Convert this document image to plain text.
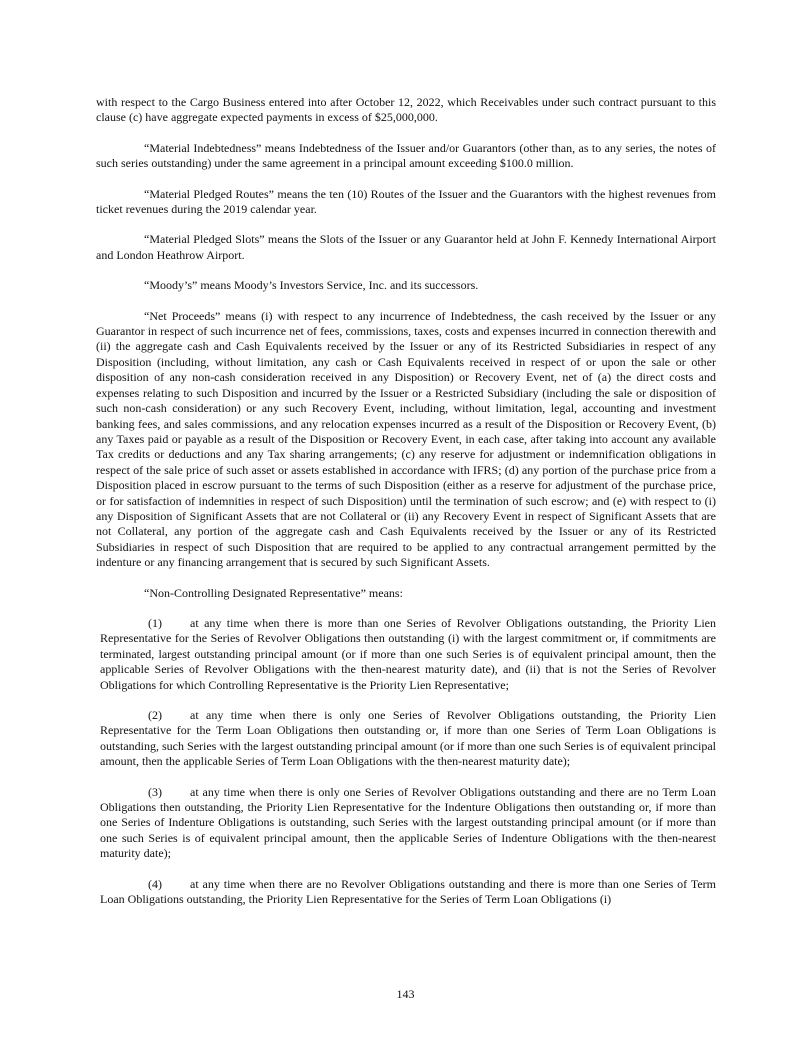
with respect to the Cargo Business entered into after October 12, 2022, which Receivables under such contract pursuant to this clause (c) have aggregate expected payments in excess of $25,000,000.

“Material Indebtedness” means Indebtedness of the Issuer and/or Guarantors (other than, as to any series, the notes of such series outstanding) under the same agreement in a principal amount exceeding $100.0 million.

“Material Pledged Routes” means the ten (10) Routes of the Issuer and the Guarantors with the highest revenues from ticket revenues during the 2019 calendar year.

“Material Pledged Slots” means the Slots of the Issuer or any Guarantor held at John F. Kennedy International Airport and London Heathrow Airport.

“Moody’s” means Moody’s Investors Service, Inc. and its successors.

“Net Proceeds” means (i) with respect to any incurrence of Indebtedness, the cash received by the Issuer or any Guarantor in respect of such incurrence net of fees, commissions, taxes, costs and expenses incurred in connection therewith and (ii) the aggregate cash and Cash Equivalents received by the Issuer or any of its Restricted Subsidiaries in respect of any Disposition (including, without limitation, any cash or Cash Equivalents received in respect of or upon the sale or other disposition of any non-cash consideration received in any Disposition) or Recovery Event, net of (a) the direct costs and expenses relating to such Disposition and incurred by the Issuer or a Restricted Subsidiary (including the sale or disposition of such non-cash consideration) or any such Recovery Event, including, without limitation, legal, accounting and investment banking fees, and sales commissions, and any relocation expenses incurred as a result of the Disposition or Recovery Event, (b) any Taxes paid or payable as a result of the Disposition or Recovery Event, in each case, after taking into account any available Tax credits or deductions and any Tax sharing arrangements; (c) any reserve for adjustment or indemnification obligations in respect of the sale price of such asset or assets established in accordance with IFRS; (d) any portion of the purchase price from a Disposition placed in escrow pursuant to the terms of such Disposition (either as a reserve for adjustment of the purchase price, or for satisfaction of indemnities in respect of such Disposition) until the termination of such escrow; and (e) with respect to (i) any Disposition of Significant Assets that are not Collateral or (ii) any Recovery Event in respect of Significant Assets that are not Collateral, any portion of the aggregate cash and Cash Equivalents received by the Issuer or any of its Restricted Subsidiaries in respect of such Disposition that are required to be applied to any contractual arrangement permitted by the indenture or any financing arrangement that is secured by such Significant Assets.

“Non-Controlling Designated Representative” means:

(1) at any time when there is more than one Series of Revolver Obligations outstanding, the Priority Lien Representative for the Series of Revolver Obligations then outstanding (i) with the largest commitment or, if commitments are terminated, largest outstanding principal amount (or if more than one such Series is of equivalent principal amount, then the applicable Series of Revolver Obligations with the then-nearest maturity date), and (ii) that is not the Series of Revolver Obligations for which Controlling Representative is the Priority Lien Representative;

(2) at any time when there is only one Series of Revolver Obligations outstanding, the Priority Lien Representative for the Term Loan Obligations then outstanding or, if more than one Series of Term Loan Obligations is outstanding, such Series with the largest outstanding principal amount (or if more than one such Series is of equivalent principal amount, then the applicable Series of Term Loan Obligations with the then-nearest maturity date);

(3) at any time when there is only one Series of Revolver Obligations outstanding and there are no Term Loan Obligations then outstanding, the Priority Lien Representative for the Indenture Obligations then outstanding or, if more than one Series of Indenture Obligations is outstanding, such Series with the largest outstanding principal amount (or if more than one such Series is of equivalent principal amount, then the applicable Series of Indenture Obligations with the then-nearest maturity date);

(4) at any time when there are no Revolver Obligations outstanding and there is more than one Series of Term Loan Obligations outstanding, the Priority Lien Representative for the Series of Term Loan Obligations (i)

143
